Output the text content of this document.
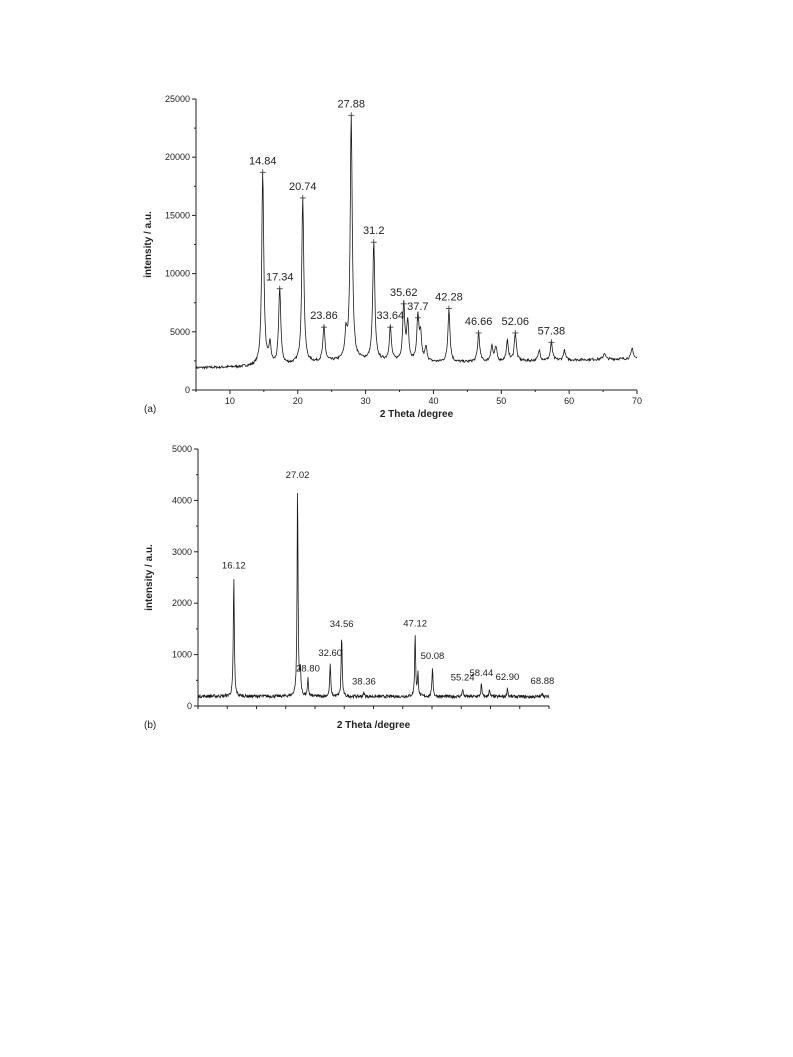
0
5000
10000
15000
20000
25000
10	20	30	40	50	60	70
14.84
17.34
20.74
23.86
27.88
31.2
33.64
35.62
37.7
42.28
46.66 52.06
57.38
2 Theta /degree
intensity / a.u.
(a)
0
1000
2000
3000
4000
5000
16.12
27.02
28.80
32.60
34.56
38.36
47.12
50.08
55.24
58.44 62.90 68.88
2 Theta /degree
intensity / a.u.
(b)
